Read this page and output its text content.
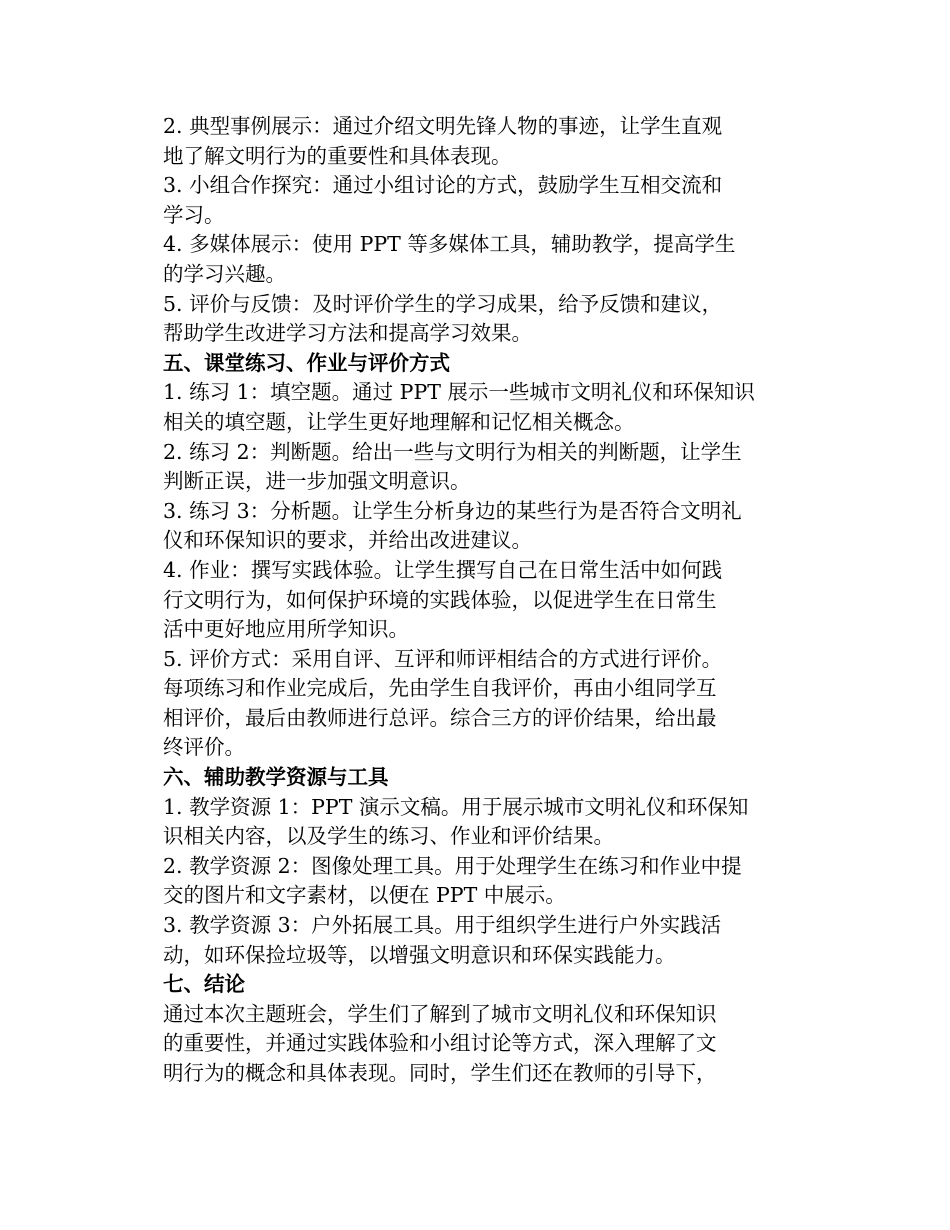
2. 典型事例展示：通过介绍文明先锋人物的事迹，让学生直观
地了解文明行为的重要性和具体表现。
3. 小组合作探究：通过小组讨论的方式，鼓励学生互相交流和
学习。
4. 多媒体展示：使用 PPT 等多媒体工具，辅助教学，提高学生
的学习兴趣。
5. 评价与反馈：及时评价学生的学习成果，给予反馈和建议，
帮助学生改进学习方法和提高学习效果。
五、课堂练习、作业与评价方式
1. 练习 1：填空题。通过 PPT 展示一些城市文明礼仪和环保知识
相关的填空题，让学生更好地理解和记忆相关概念。
2. 练习 2：判断题。给出一些与文明行为相关的判断题，让学生
判断正误，进一步加强文明意识。
3. 练习 3：分析题。让学生分析身边的某些行为是否符合文明礼
仪和环保知识的要求，并给出改进建议。
4. 作业：撰写实践体验。让学生撰写自己在日常生活中如何践
行文明行为，如何保护环境的实践体验，以促进学生在日常生
活中更好地应用所学知识。
5. 评价方式：采用自评、互评和师评相结合的方式进行评价。
每项练习和作业完成后，先由学生自我评价，再由小组同学互
相评价，最后由教师进行总评。综合三方的评价结果，给出最
终评价。
六、辅助教学资源与工具
1. 教学资源 1：PPT 演示文稿。用于展示城市文明礼仪和环保知
识相关内容，以及学生的练习、作业和评价结果。
2. 教学资源 2：图像处理工具。用于处理学生在练习和作业中提
交的图片和文字素材，以便在 PPT 中展示。
3. 教学资源 3：户外拓展工具。用于组织学生进行户外实践活
动，如环保捡垃圾等，以增强文明意识和环保实践能力。
七、结论
通过本次主题班会，学生们了解到了城市文明礼仪和环保知识
的重要性，并通过实践体验和小组讨论等方式，深入理解了文
明行为的概念和具体表现。同时，学生们还在教师的引导下，
